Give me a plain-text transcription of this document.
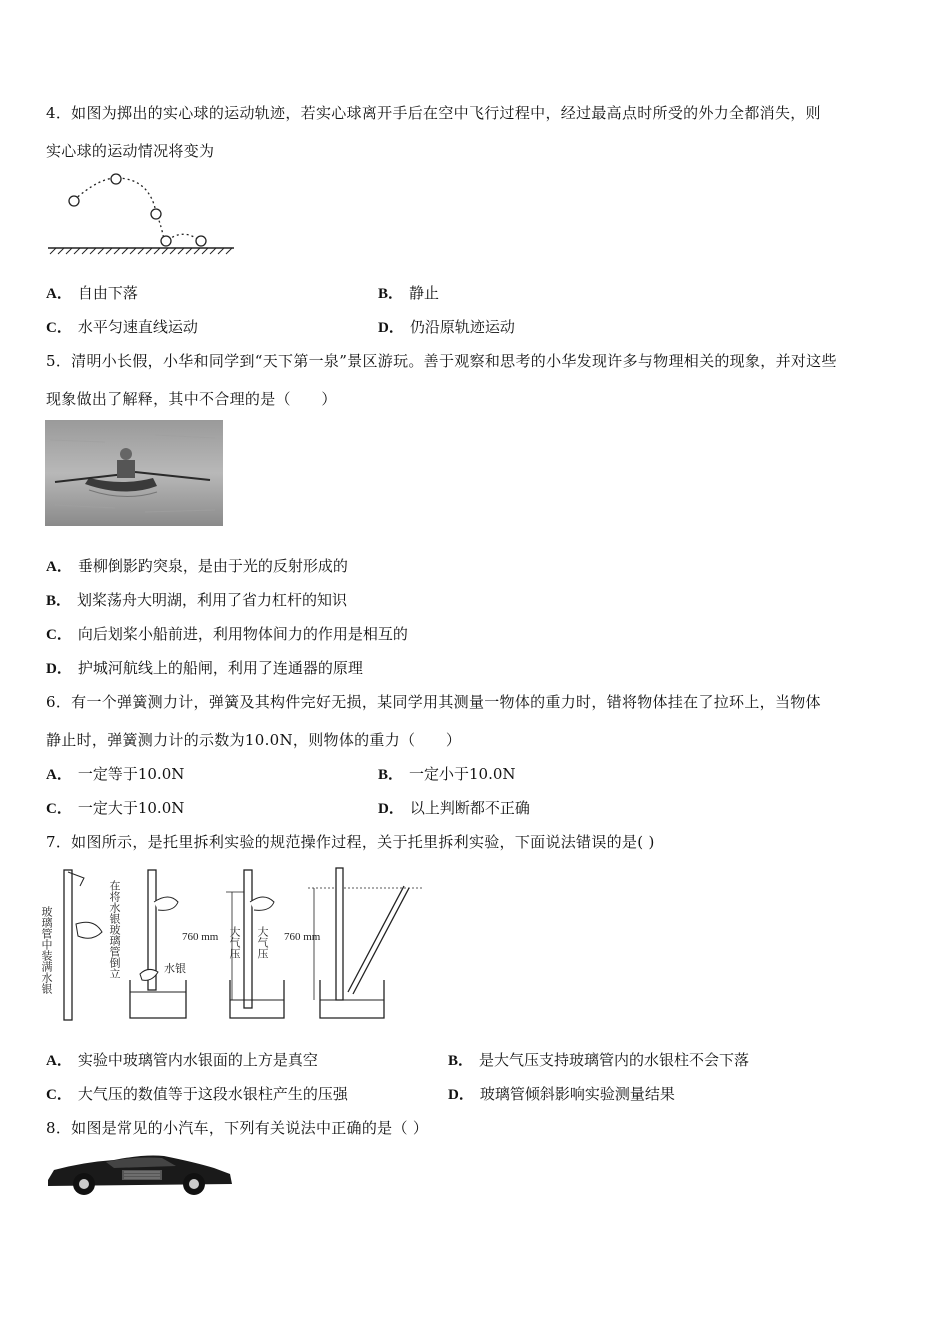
4．如图为掷出的实心球的运动轨迹，若实心球离开手后在空中飞行过程中，经过最高点时所受的外力全都消失，则
实心球的运动情况将变为
A． 自由下落	B． 静止
C． 水平匀速直线运动	D． 仍沿原轨迹运动
5．清明小长假，小华和同学到“天下第一泉”景区游玩。善于观察和思考的小华发现许多与物理相关的现象，并对这些
现象做出了解释，其中不合理的是（　　）
A． 垂柳倒影趵突泉，是由于光的反射形成的
B． 划桨荡舟大明湖，利用了省力杠杆的知识
C． 向后划桨小船前进，利用物体间力的作用是相互的
D． 护城河航线上的船闸，利用了连通器的原理
6．有一个弹簧测力计，弹簧及其构件完好无损，某同学用其测量一物体的重力时，错将物体挂在了拉环上，当物体
静止时，弹簧测力计的示数为10.0N，则物体的重力（　　）
A． 一定等于10.0N	B． 一定小于10.0N
C． 一定大于10.0N	D． 以上判断都不正确
7．如图所示，是托里拆利实验的规范操作过程，关于托里拆利实验，下面说法错误的是( )
玻璃管中装满水银	在将水银玻璃管倒立	水银
760 mm 大气压 大气压 760 mm
A． 实验中玻璃管内水银面的上方是真空	B． 是大气压支持玻璃管内的水银柱不会下落
C． 大气压的数值等于这段水银柱产生的压强	D． 玻璃管倾斜影响实验测量结果
8．如图是常见的小汽车，下列有关说法中正确的是（ ）
